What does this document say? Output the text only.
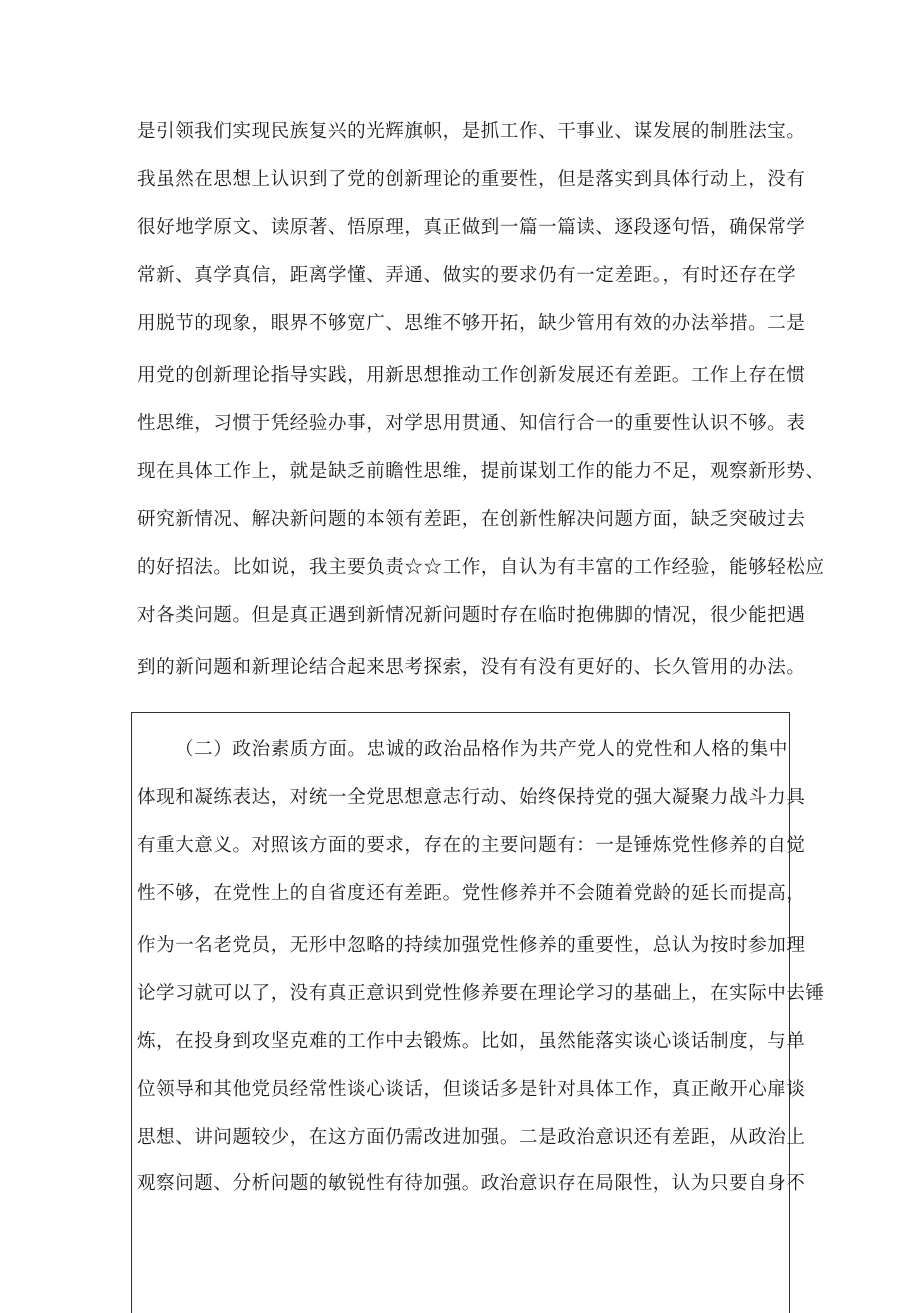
是引领我们实现民族复兴的光辉旗帜，是抓工作、干事业、谋发展的制胜法宝。
我虽然在思想上认识到了党的创新理论的重要性，但是落实到具体行动上，没有
很好地学原文、读原著、悟原理，真正做到一篇一篇读、逐段逐句悟，确保常学
常新、真学真信，距离学懂、弄通、做实的要求仍有一定差距。，有时还存在学
用脱节的现象，眼界不够宽广、思维不够开拓，缺少管用有效的办法举措。二是
用党的创新理论指导实践，用新思想推动工作创新发展还有差距。工作上存在惯
性思维，习惯于凭经验办事，对学思用贯通、知信行合一的重要性认识不够。表
现在具体工作上，就是缺乏前瞻性思维，提前谋划工作的能力不足，观察新形势、
研究新情况、解决新问题的本领有差距，在创新性解决问题方面，缺乏突破过去
的好招法。比如说，我主要负责☆☆工作，自认为有丰富的工作经验，能够轻松应
对各类问题。但是真正遇到新情况新问题时存在临时抱佛脚的情况，很少能把遇
到的新问题和新理论结合起来思考探索，没有有没有更好的、长久管用的办法。
（二）政治素质方面。忠诚的政治品格作为共产党人的党性和人格的集中
体现和凝练表达，对统一全党思想意志行动、始终保持党的强大凝聚力战斗力具
有重大意义。对照该方面的要求，存在的主要问题有：一是锤炼党性修养的自觉
性不够，在党性上的自省度还有差距。党性修养并不会随着党龄的延长而提高，
作为一名老党员，无形中忽略的持续加强党性修养的重要性，总认为按时参加理
论学习就可以了，没有真正意识到党性修养要在理论学习的基础上，在实际中去锤
炼，在投身到攻坚克难的工作中去锻炼。比如，虽然能落实谈心谈话制度，与单
位领导和其他党员经常性谈心谈话，但谈话多是针对具体工作，真正敞开心扉谈
思想、讲问题较少，在这方面仍需改进加强。二是政治意识还有差距，从政治上
观察问题、分析问题的敏锐性有待加强。政治意识存在局限性，认为只要自身不
